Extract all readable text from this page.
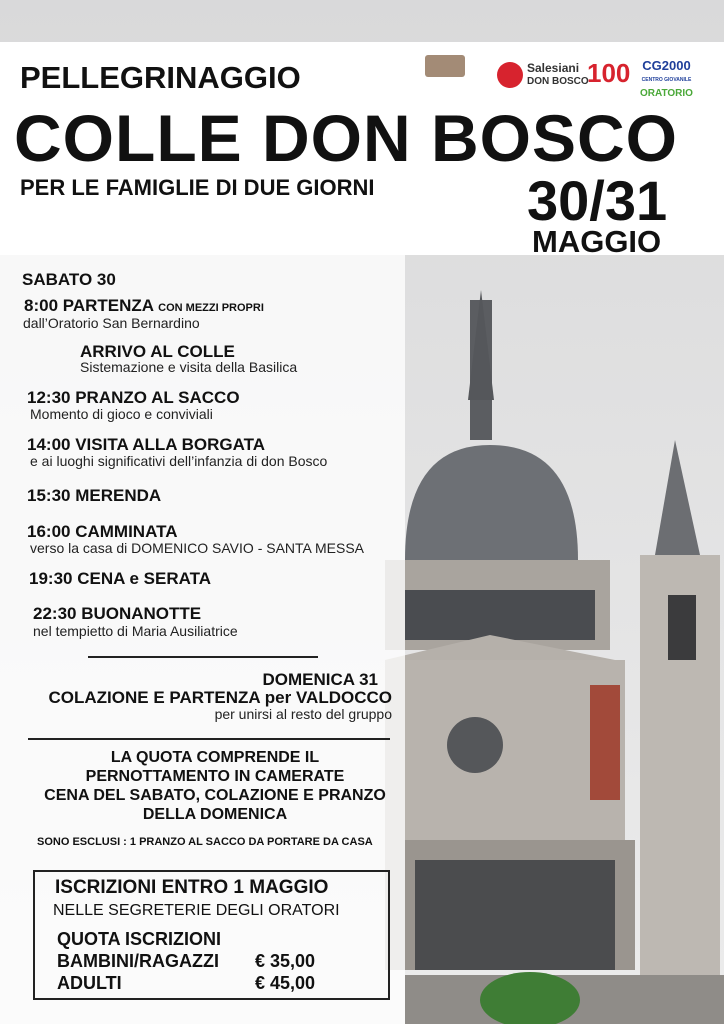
PELLEGRINAGGIO
COLLE DON BOSCO
PER LE FAMIGLIE DI DUE GIORNI	30/31
MAGGIO
Salesiani
DON BOSCO
100 CG2000
CENTRO GIOVANILE
ORATORIO
SABATO 30
8:00 PARTENZA CON MEZZI PROPRI
dall’Oratorio San Bernardino
ARRIVO AL COLLE
Sistemazione e visita della Basilica
12:30 PRANZO AL SACCO
Momento di gioco e conviviali
14:00 VISITA ALLA BORGATA
e ai luoghi significativi dell’infanzia di don Bosco
15:30 MERENDA
16:00 CAMMINATA
verso la casa di DOMENICO SAVIO - SANTA MESSA
19:30 CENA e SERATA
22:30 BUONANOTTE
nel tempietto di Maria Ausiliatrice
DOMENICA 31
COLAZIONE E PARTENZA per VALDOCCO
per unirsi al resto del gruppo
LA QUOTA COMPRENDE IL
PERNOTTAMENTO IN CAMERATE
CENA DEL SABATO, COLAZIONE E PRANZO
DELLA DOMENICA
SONO ESCLUSI : 1 PRANZO AL SACCO DA PORTARE DA CASA
ISCRIZIONI ENTRO 1 MAGGIO
NELLE SEGRETERIE DEGLI ORATORI
QUOTA ISCRIZIONI
BAMBINI/RAGAZZI € 35,00
ADULTI	€ 45,00
